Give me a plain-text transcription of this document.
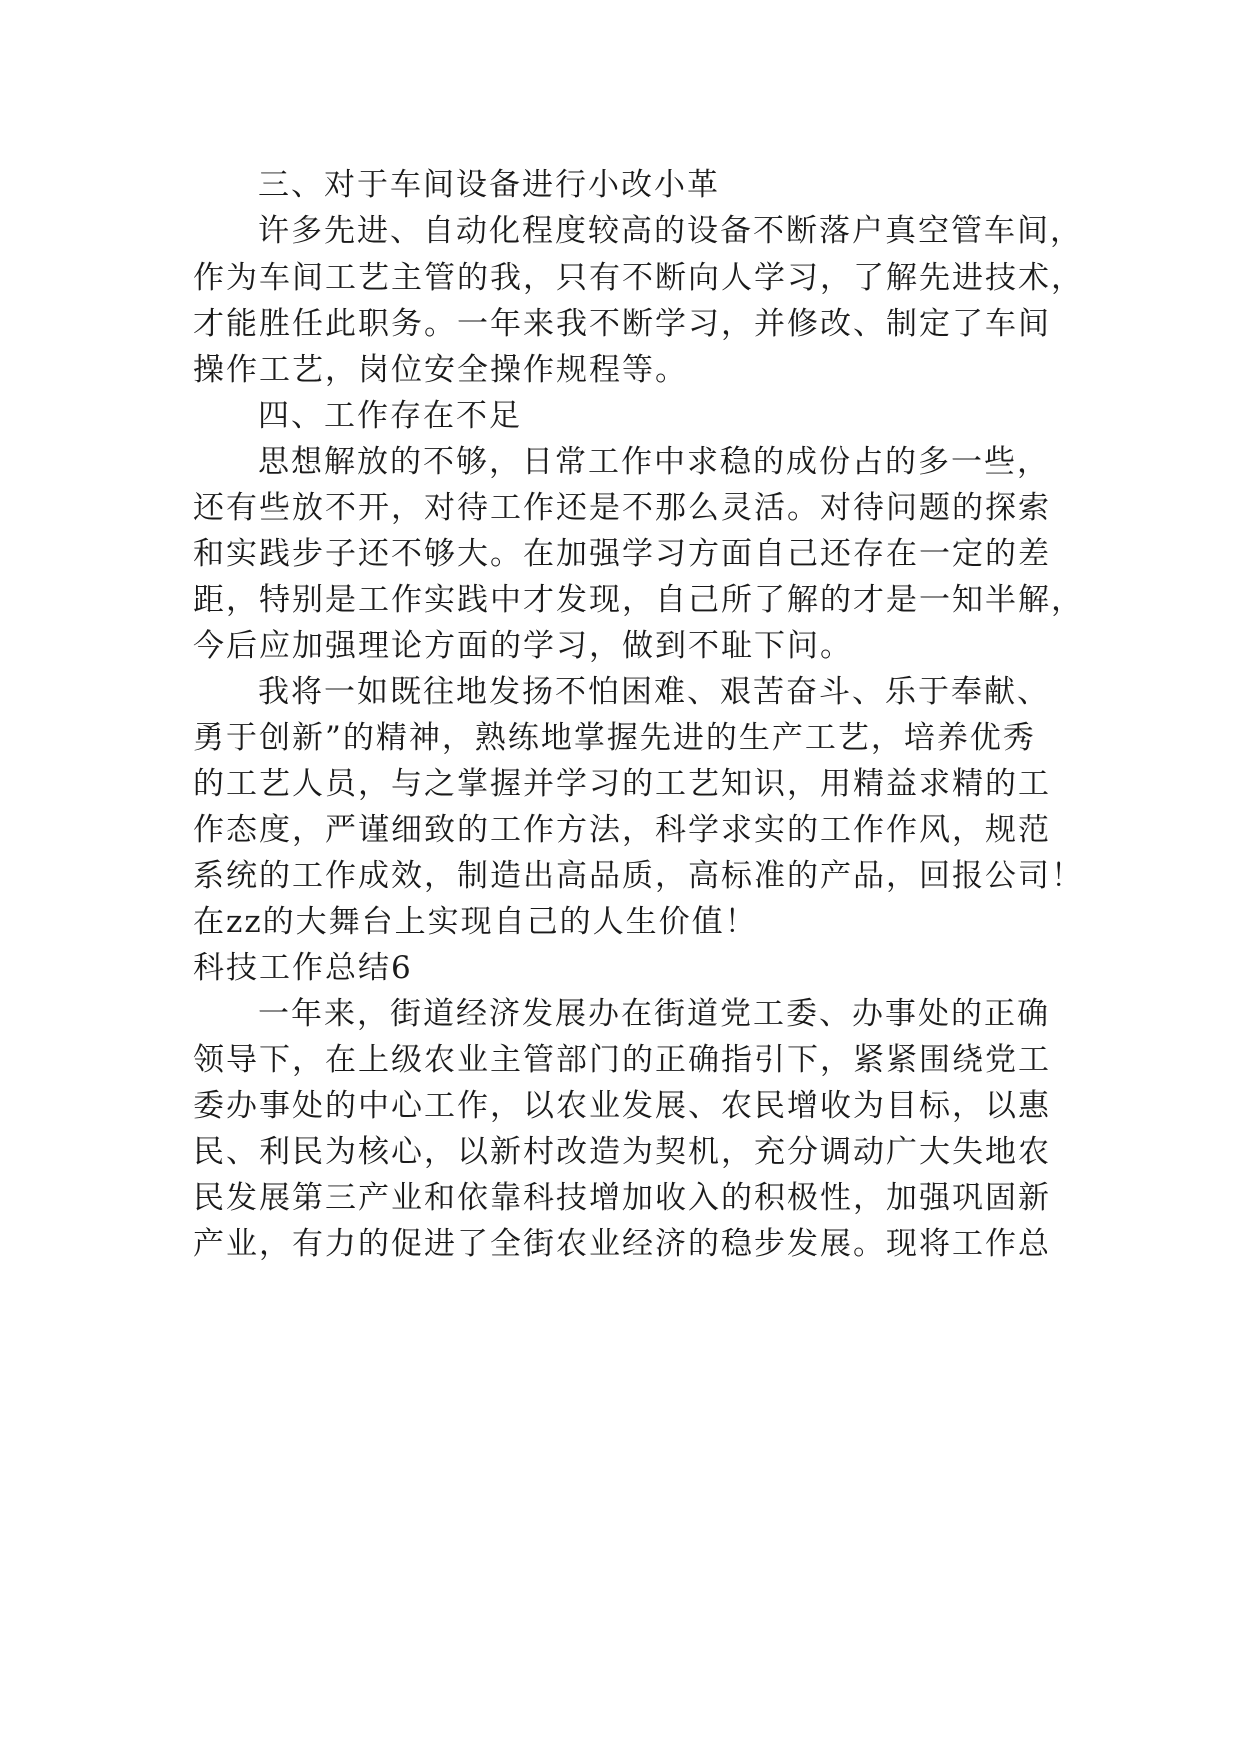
三、对于车间设备进行小改小革
许多先进、自动化程度较高的设备不断落户真空管车间，
作为车间工艺主管的我，只有不断向人学习，了解先进技术，
才能胜任此职务。一年来我不断学习，并修改、制定了车间
操作工艺，岗位安全操作规程等。
四、工作存在不足
思想解放的不够，日常工作中求稳的成份占的多一些，
还有些放不开，对待工作还是不那么灵活。对待问题的探索
和实践步子还不够大。在加强学习方面自己还存在一定的差
距，特别是工作实践中才发现，自己所了解的才是一知半解，
今后应加强理论方面的学习，做到不耻下问。
我将一如既往地发扬不怕困难、艰苦奋斗、乐于奉献、
勇于创新”的精神，熟练地掌握先进的生产工艺，培养优秀
的工艺人员，与之掌握并学习的工艺知识，用精益求精的工
作态度，严谨细致的工作方法，科学求实的工作作风，规范
系统的工作成效，制造出高品质，高标准的产品，回报公司！
在zz的大舞台上实现自己的人生价值！
科技工作总结6
一年来，街道经济发展办在街道党工委、办事处的正确
领导下，在上级农业主管部门的正确指引下，紧紧围绕党工
委办事处的中心工作，以农业发展、农民增收为目标，以惠
民、利民为核心，以新村改造为契机，充分调动广大失地农
民发展第三产业和依靠科技增加收入的积极性，加强巩固新
产业，有力的促进了全街农业经济的稳步发展。现将工作总
